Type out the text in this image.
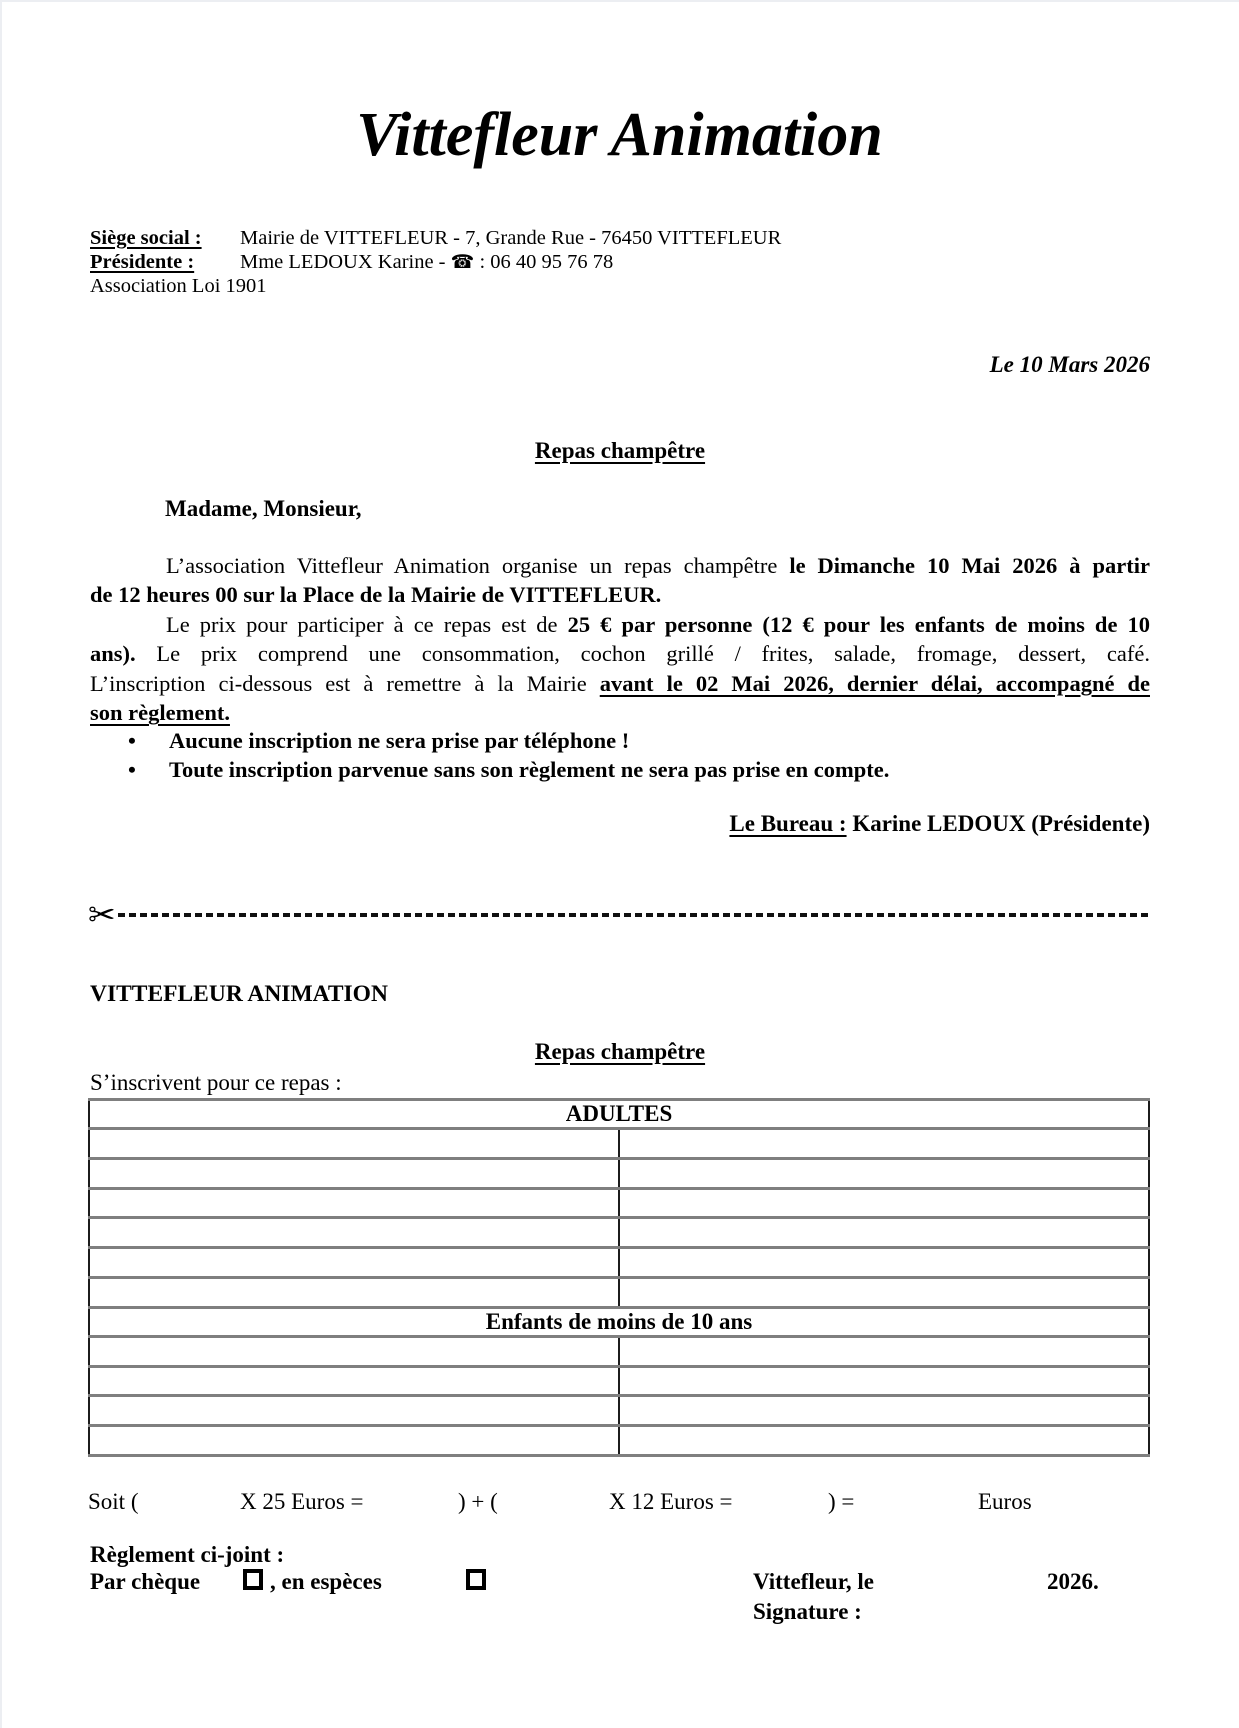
Vittefleur Animation
Siège social :	Mairie de VITTEFLEUR - 7, Grande Rue - 76450 VITTEFLEUR
Présidente :	Mme LEDOUX Karine - ☎ : 06 40 95 76 78
Association Loi 1901
Le 10 Mars 2026
Repas champêtre
Madame, Monsieur,
L’association Vittefleur Animation organise un repas champêtre le Dimanche 10 Mai 2026 à partir
de 12 heures 00 sur la Place de la Mairie de VITTEFLEUR.
Le prix pour participer à ce repas est de 25 € par personne (12 € pour les enfants de moins de 10
ans). Le prix comprend une consommation, cochon grillé / frites, salade, fromage, dessert, café.
L’inscription ci-dessous est à remettre à la Mairie avant le 02 Mai 2026, dernier délai, accompagné de
son règlement.
• Aucune inscription ne sera prise par téléphone !
• Toute inscription parvenue sans son règlement ne sera pas prise en compte.
Le Bureau : Karine LEDOUX (Présidente)
✂
VITTEFLEUR ANIMATION
Repas champêtre
S’inscrivent pour ce repas :
ADULTES	

Enfants de moins de 10 ans	

Soit (	X 25 Euros =	) + (	X 12 Euros =	) =	Euros
Règlement ci-joint :
Par chèque	, en espèces	Vittefleur, le	2026.
Signature :
